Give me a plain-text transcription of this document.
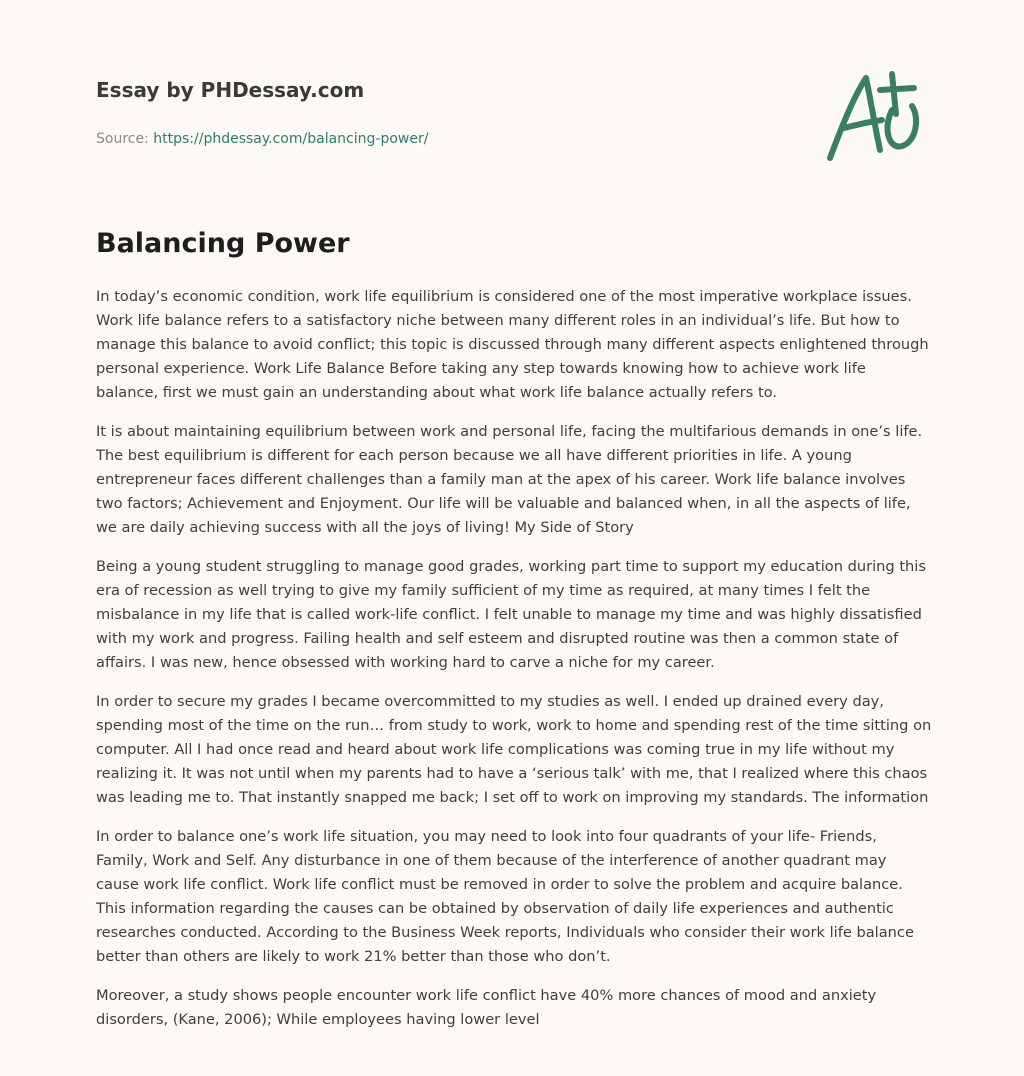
Essay by PHDessay.com
Source: https://phdessay.com/balancing-power/
Balancing Power

In today’s economic condition, work life equilibrium is considered one of the most imperative workplace issues. Work life balance refers to a satisfactory niche between many different roles in an individual’s life. But how to manage this balance to avoid conflict; this topic is discussed through many different aspects enlightened through personal experience. Work Life Balance Before taking any step towards knowing how to achieve work life balance, first we must gain an understanding about what work life balance actually refers to.

It is about maintaining equilibrium between work and personal life, facing the multifarious demands in one’s life. The best equilibrium is different for each person because we all have different priorities in life. A young entrepreneur faces different challenges than a family man at the apex of his career. Work life balance involves two factors; Achievement and Enjoyment. Our life will be valuable and balanced when, in all the aspects of life, we are daily achieving success with all the joys of living! My Side of Story

Being a young student struggling to manage good grades, working part time to support my education during this era of recession as well trying to give my family sufficient of my time as required, at many times I felt the misbalance in my life that is called work-life conflict. I felt unable to manage my time and was highly dissatisfied with my work and progress. Failing health and self esteem and disrupted routine was then a common state of affairs. I was new, hence obsessed with working hard to carve a niche for my career.

In order to secure my grades I became overcommitted to my studies as well. I ended up drained every day, spending most of the time on the run… from study to work, work to home and spending rest of the time sitting on computer. All I had once read and heard about work life complications was coming true in my life without my realizing it. It was not until when my parents had to have a ‘serious talk’ with me, that I realized where this chaos was leading me to. That instantly snapped me back; I set off to work on improving my standards. The information

In order to balance one’s work life situation, you may need to look into four quadrants of your life- Friends, Family, Work and Self. Any disturbance in one of them because of the interference of another quadrant may cause work life conflict. Work life conflict must be removed in order to solve the problem and acquire balance. This information regarding the causes can be obtained by observation of daily life experiences and authentic researches conducted. According to the Business Week reports, Individuals who consider their work life balance better than others are likely to work 21% better than those who don’t.

Moreover, a study shows people encounter work life conflict have 40% more chances of mood and anxiety disorders, (Kane, 2006); While employees having lower level
